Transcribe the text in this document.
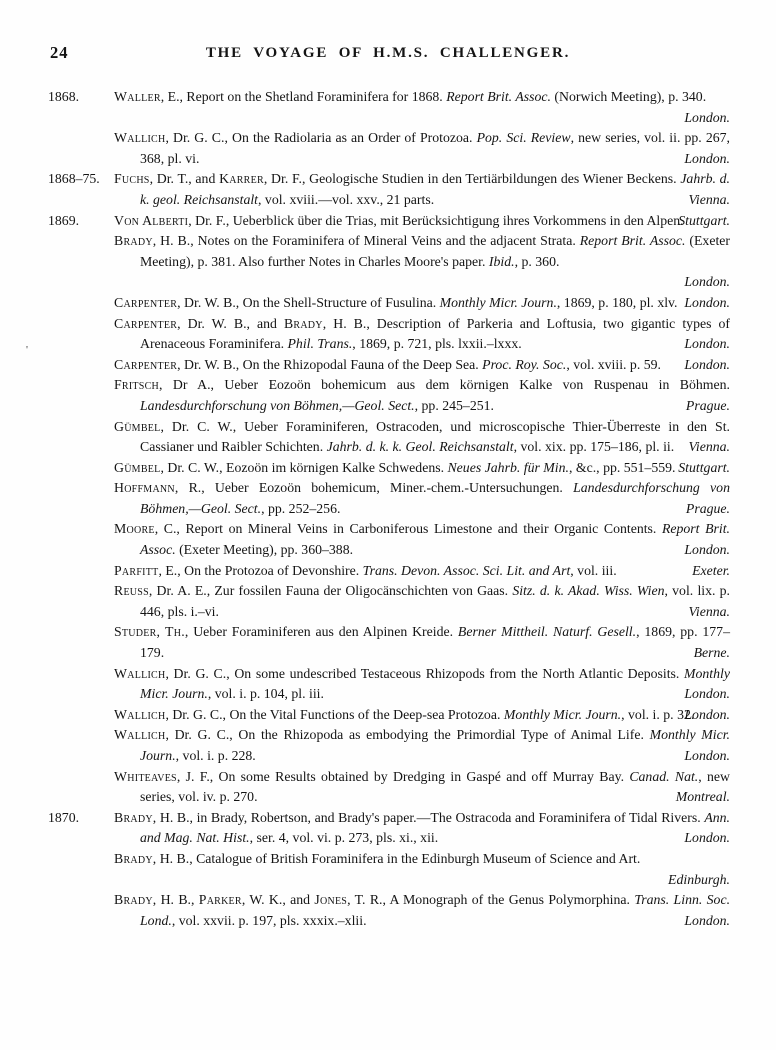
24	THE VOYAGE OF H.M.S. CHALLENGER.
'
1868.	Waller, E., Report on the Shetland Foraminifera for 1868. Report Brit. Assoc. (Norwich Meeting), p. 340.
London.

Wallich, Dr. G. C., On the Radiolaria as an Order of Protozoa. Pop. Sci. Review, new series, vol. ii. pp. 267, 368, pl. vi.	London.

1868–75. Fuchs, Dr. T., and Karrer, Dr. F., Geologische Studien in den Tertiärbildungen des Wiener Beckens. Jahrb. d. k. geol. Reichsanstalt, vol. xviii.—vol. xxv., 21 parts.	Vienna.

1869.	Von Alberti, Dr. F., Ueberblick über die Trias, mit Berücksichtigung ihres Vorkommens in den Alpen.
Stuttgart.

Brady, H. B., Notes on the Foraminifera of Mineral Veins and the adjacent Strata. Report Brit. Assoc. (Exeter Meeting), p. 381. Also further Notes in Charles Moore's paper. Ibid., p. 360.
London.

Carpenter, Dr. W. B., On the Shell-Structure of Fusulina. Monthly Micr. Journ., 1869, p. 180, pl. xlv. London.

Carpenter, Dr. W. B., and Brady, H. B., Description of Parkeria and Loftusia, two gigantic types of Arenaceous Foraminifera. Phil. Trans., 1869, p. 721, pls. lxxii.–lxxx.	London.

Carpenter, Dr. W. B., On the Rhizopodal Fauna of the Deep Sea. Proc. Roy. Soc., vol. xviii. p. 59. London.

Fritsch, Dr A., Ueber Eozoön bohemicum aus dem körnigen Kalke von Ruspenau in Böhmen. Landesdurchforschung von Böhmen,—Geol. Sect., pp. 245–251.	Prague.

Gümbel, Dr. C. W., Ueber Foraminiferen, Ostracoden, und microscopische Thier-Überreste in den St. Cassianer und Raibler Schichten. Jahrb. d. k. k. Geol. Reichsanstalt, vol. xix. pp. 175–186, pl. ii. Vienna.

Gümbel, Dr. C. W., Eozoön im körnigen Kalke Schwedens. Neues Jahrb. für Min., &c., pp. 551–559. Stuttgart.

Hoffmann, R., Ueber Eozoön bohemicum, Miner.-chem.-Untersuchungen. Landesdurchforschung von Böhmen,—Geol. Sect., pp. 252–256.	Prague.

Moore, C., Report on Mineral Veins in Carboniferous Limestone and their Organic Contents. Report Brit. Assoc. (Exeter Meeting), pp. 360–388.	London.

Parfitt, E., On the Protozoa of Devonshire. Trans. Devon. Assoc. Sci. Lit. and Art, vol. iii.	Exeter.

Reuss, Dr. A. E., Zur fossilen Fauna der Oligocänschichten von Gaas. Sitz. d. k. Akad. Wiss. Wien, vol. lix. p. 446, pls. i.–vi.	Vienna.

Studer, Th., Ueber Foraminiferen aus den Alpinen Kreide. Berner Mittheil. Naturf. Gesell., 1869, pp. 177–179.	Berne.

Wallich, Dr. G. C., On some undescribed Testaceous Rhizopods from the North Atlantic Deposits. Monthly Micr. Journ., vol. i. p. 104, pl. iii.	London.

Wallich, Dr. G. C., On the Vital Functions of the Deep-sea Protozoa. Monthly Micr. Journ., vol. i. p. 32.
London.

Wallich, Dr. G. C., On the Rhizopoda as embodying the Primordial Type of Animal Life. Monthly Micr. Journ., vol. i. p. 228.	London.

Whiteaves, J. F., On some Results obtained by Dredging in Gaspé and off Murray Bay. Canad. Nat., new series, vol. iv. p. 270.	Montreal.

1870.	Brady, H. B., in Brady, Robertson, and Brady's paper.—The Ostracoda and Foraminifera of Tidal Rivers. Ann. and Mag. Nat. Hist., ser. 4, vol. vi. p. 273, pls. xi., xii.	London.

Brady, H. B., Catalogue of British Foraminifera in the Edinburgh Museum of Science and Art.
Edinburgh.

Brady, H. B., Parker, W. K., and Jones, T. R., A Monograph of the Genus Polymorphina. Trans. Linn. Soc. Lond., vol. xxvii. p. 197, pls. xxxix.–xlii.	London.
